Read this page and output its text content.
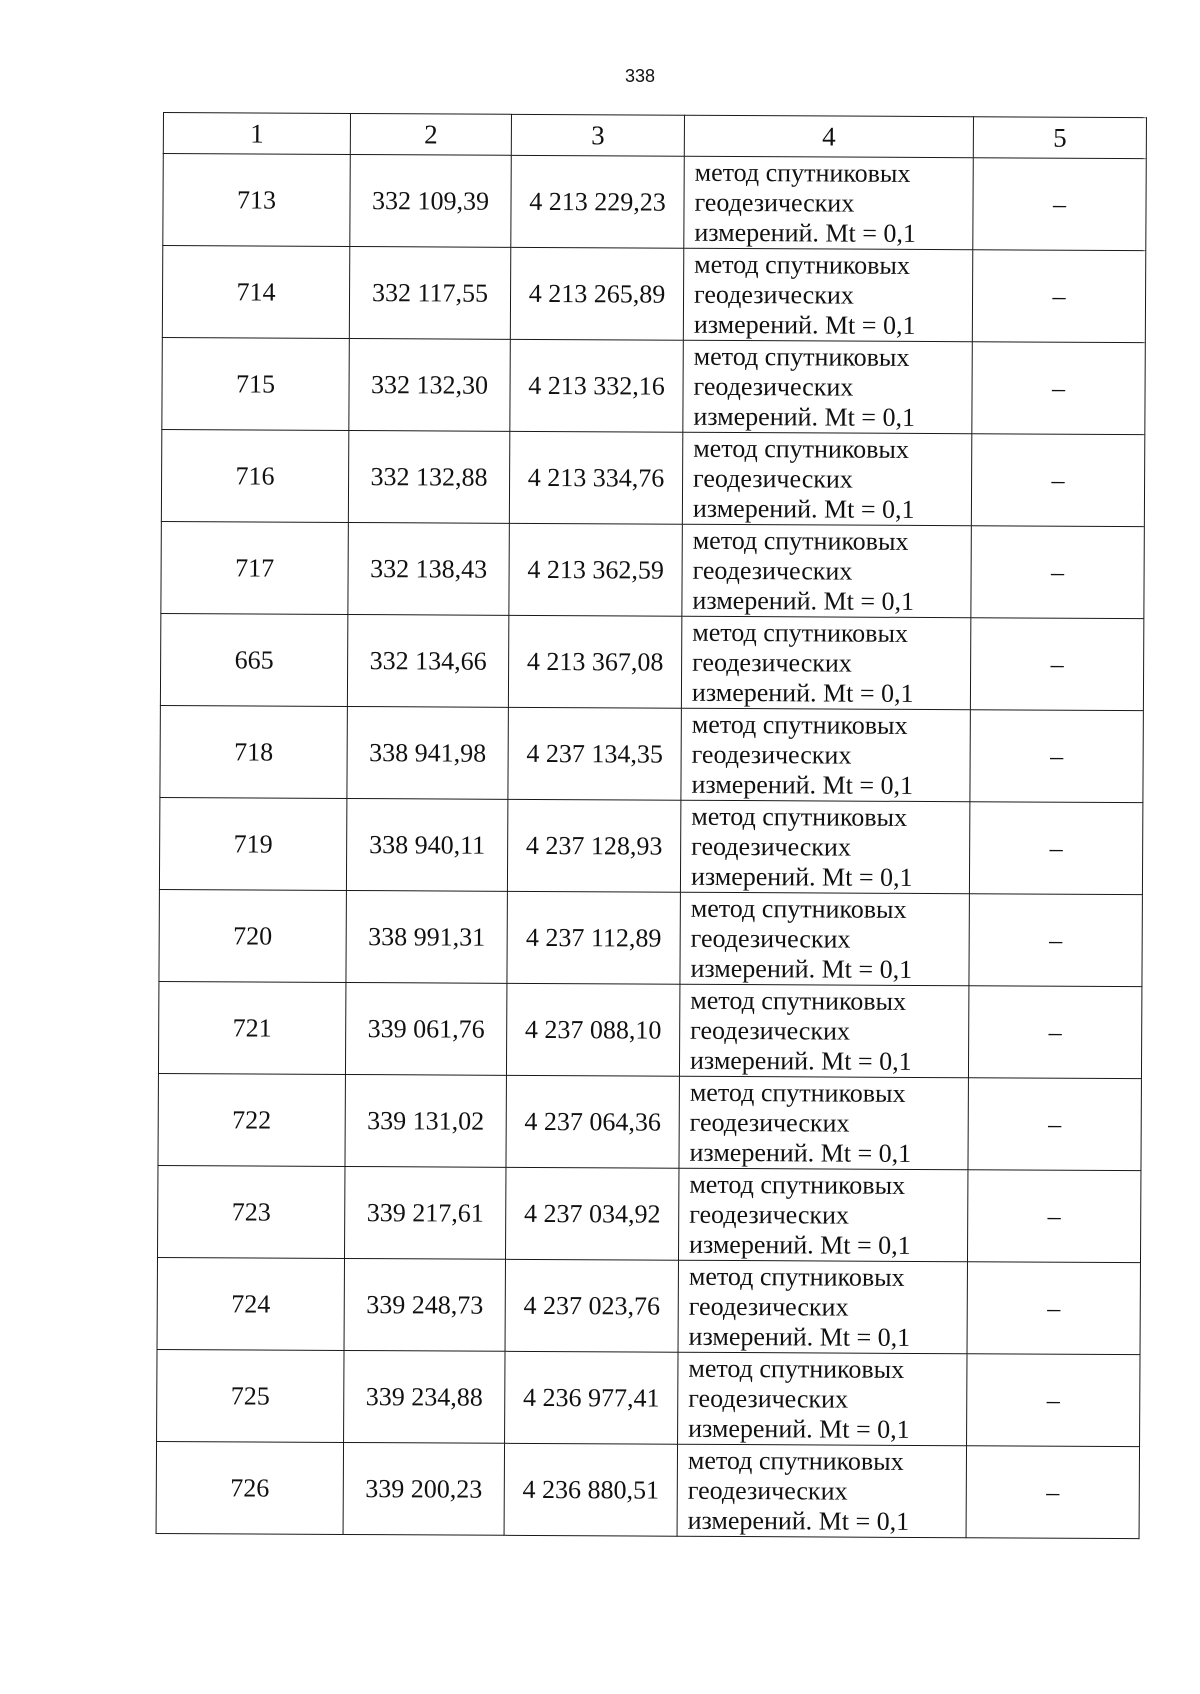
338
1	2	3	4	5
713	332 109,39	4 213 229,23	метод спутниковых
геодезических
измерений. Mt = 0,1	–
714	332 117,55	4 213 265,89	метод спутниковых
геодезических
измерений. Mt = 0,1	–
715	332 132,30	4 213 332,16	метод спутниковых
геодезических
измерений. Mt = 0,1	–
716	332 132,88	4 213 334,76	метод спутниковых
геодезических
измерений. Mt = 0,1	–
717	332 138,43	4 213 362,59	метод спутниковых
геодезических
измерений. Mt = 0,1	–
665	332 134,66	4 213 367,08	метод спутниковых
геодезических
измерений. Mt = 0,1	–
718	338 941,98	4 237 134,35	метод спутниковых
геодезических
измерений. Mt = 0,1	–
719	338 940,11	4 237 128,93	метод спутниковых
геодезических
измерений. Mt = 0,1	–
720	338 991,31	4 237 112,89	метод спутниковых
геодезических
измерений. Mt = 0,1	–
721	339 061,76	4 237 088,10	метод спутниковых
геодезических
измерений. Mt = 0,1	–
722	339 131,02	4 237 064,36	метод спутниковых
геодезических
измерений. Mt = 0,1	–
723	339 217,61	4 237 034,92	метод спутниковых
геодезических
измерений. Mt = 0,1	–
724	339 248,73	4 237 023,76	метод спутниковых
геодезических
измерений. Mt = 0,1	–
725	339 234,88	4 236 977,41	метод спутниковых
геодезических
измерений. Mt = 0,1	–
726	339 200,23	4 236 880,51	метод спутниковых
геодезических
измерений. Mt = 0,1	–
